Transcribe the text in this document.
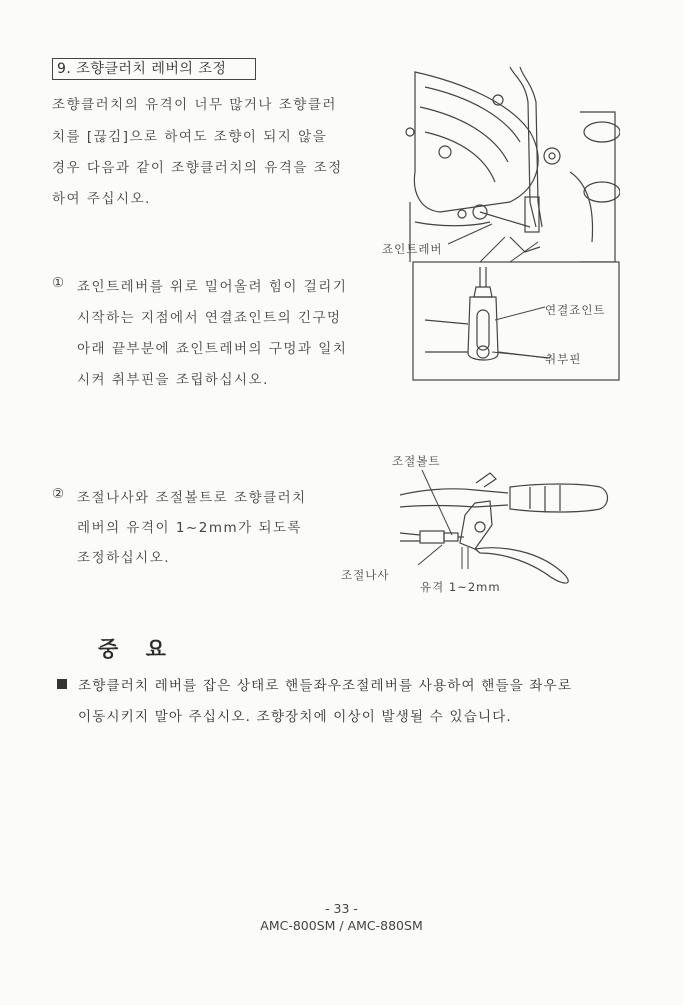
9. 조향클러치 레버의 조정
조향클러치의 유격이 너무 많거나 조향클러
치를 [끊김]으로 하여도 조향이 되지 않을
경우 다음과 같이 조향클러치의 유격을 조정
하여 주십시오.
① 죠인트레버를 위로 밀어올려 힘이 걸리기
시작하는 지점에서 연결죠인트의 긴구멍
아래 끝부분에 죠인트레버의 구멍과 일치
시켜 취부핀을 조립하십시오.
② 조절나사와 조절볼트로 조향클러치
레버의 유격이 1~2mm가 되도록
조정하십시오.
죠인트레버
연결죠인트
취부핀
조절볼트
조절나사
유격 1~2mm
중 요
조향클러치 레버를 잡은 상태로 핸들좌우조절레버를 사용하여 핸들을 좌우로
이동시키지 말아 주십시오. 조향장치에 이상이 발생될 수 있습니다.
- 33 -
AMC-800SM / AMC-880SM
